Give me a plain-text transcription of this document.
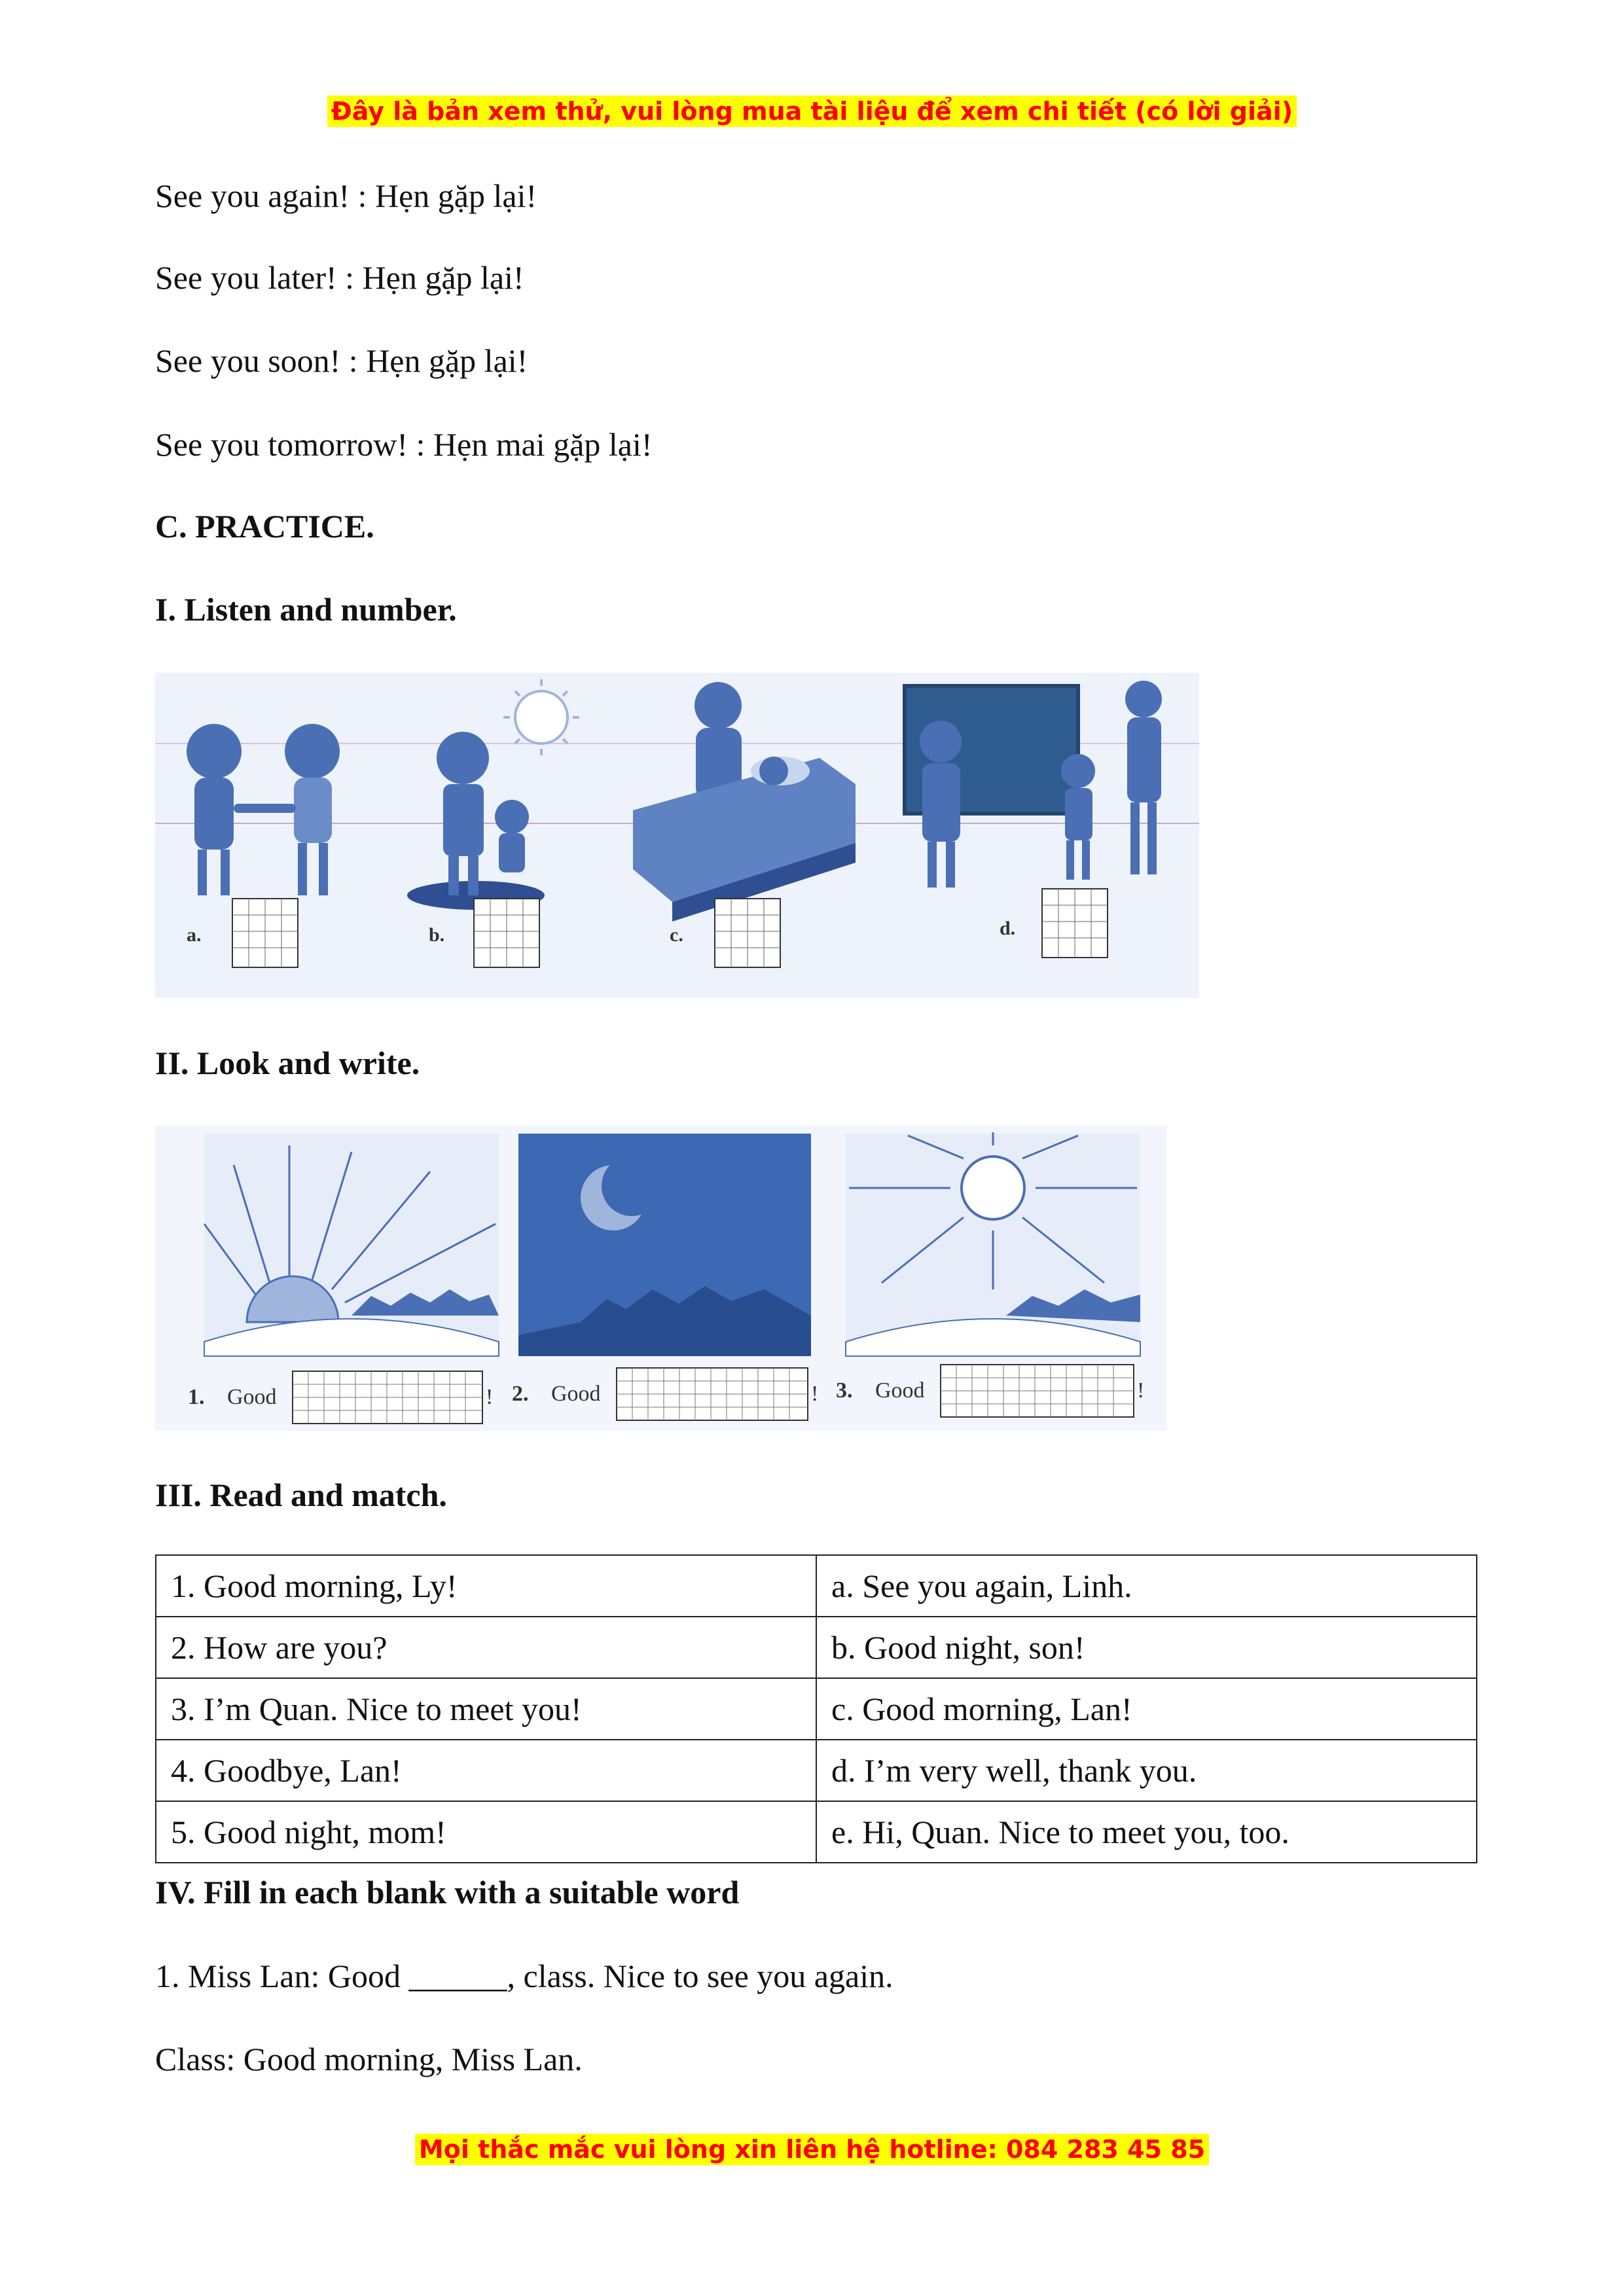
Đây là bản xem thử, vui lòng mua tài liệu để xem chi tiết (có lời giải)
See you again! : Hẹn gặp lại!
See you later! : Hẹn gặp lại!
See you soon! : Hẹn gặp lại!
See you tomorrow! : Hẹn mai gặp lại!
C. PRACTICE.
I. Listen and number.
a.	b.	c.	d.
II. Look and write.
1. Good	! 2. Good	! 3. Good	!
III. Read and match.
1. Good morning, Ly!	a. See you again, Linh.
2. How are you?	b. Good night, son!
3. I’m Quan. Nice to meet you!	c. Good morning, Lan!
4. Goodbye, Lan!	d. I’m very well, thank you.
5. Good night, mom!	e. Hi, Quan. Nice to meet you, too.
IV. Fill in each blank with a suitable word
1. Miss Lan: Good ______, class. Nice to see you again.
Class: Good morning, Miss Lan.
Mọi thắc mắc vui lòng xin liên hệ hotline: 084 283 45 85
